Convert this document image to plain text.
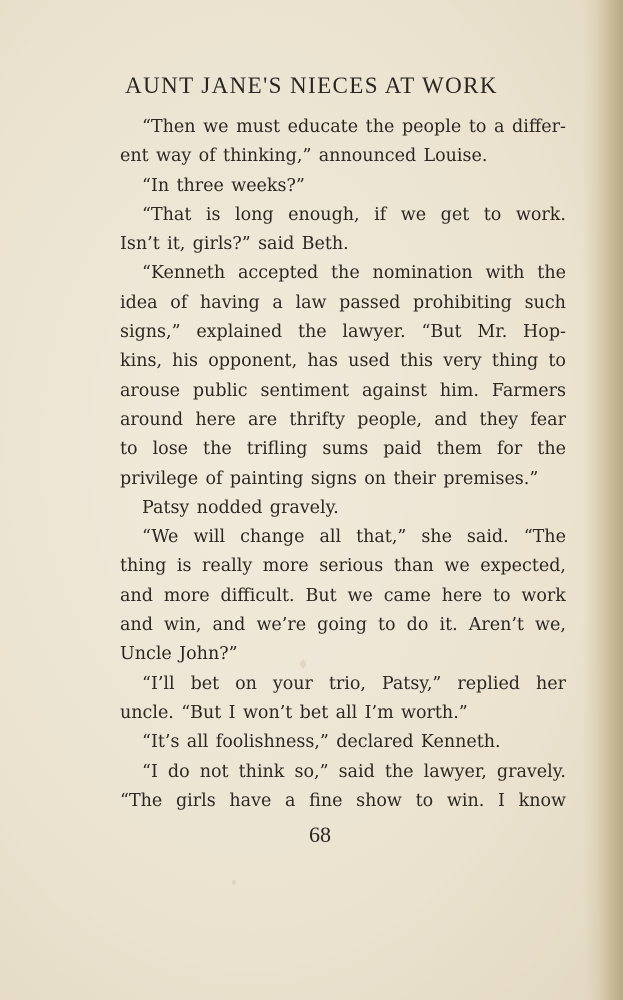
AUNT JANE'S NIECES AT WORK
“Then we must educate the people to a differ-
ent way of thinking,” announced Louise.
“In three weeks?”
“That is long enough, if we get to work.
Isn’t it, girls?” said Beth.
“Kenneth accepted the nomination with the
idea of having a law passed prohibiting such
signs,” explained the lawyer. “But Mr. Hop-
kins, his opponent, has used this very thing to
arouse public sentiment against him. Farmers
around here are thrifty people, and they fear
to lose the trifling sums paid them for the
privilege of painting signs on their premises.”
Patsy nodded gravely.
“We will change all that,” she said. “The
thing is really more serious than we expected,
and more difficult. But we came here to work
and win, and we’re going to do it. Aren’t we,
Uncle John?”
“I’ll bet on your trio, Patsy,” replied her
uncle. “But I won’t bet all I’m worth.”
“It’s all foolishness,” declared Kenneth.
“I do not think so,” said the lawyer, gravely.
“The girls have a fine show to win. I know
68
